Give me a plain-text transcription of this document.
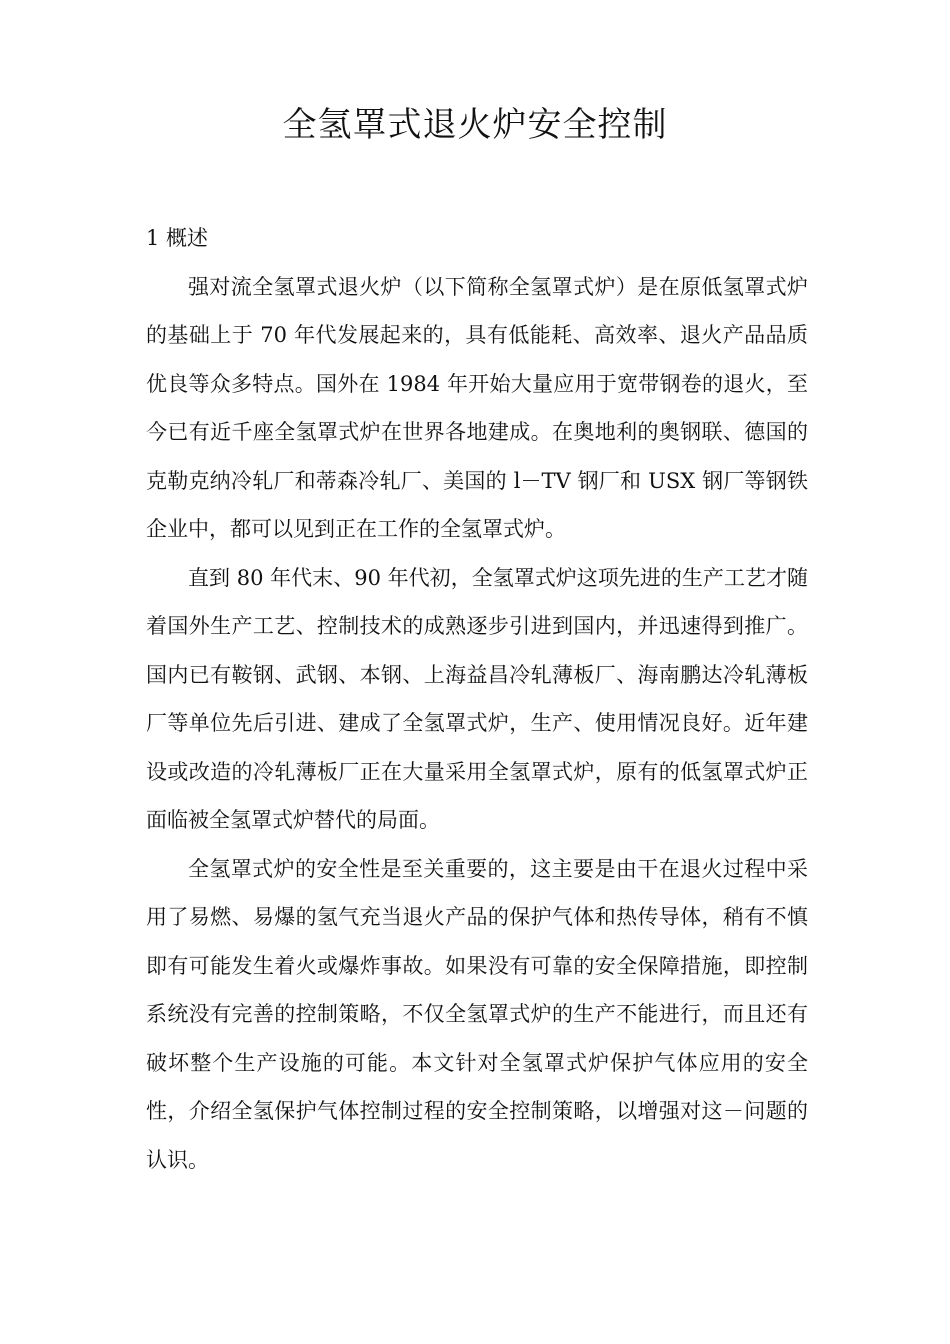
全氢罩式退火炉安全控制
1 概述

强对流全氢罩式退火炉（以下简称全氢罩式炉）是在原低氢罩式炉的基础上于 70 年代发展起来的，具有低能耗、高效率、退火产品品质优良等众多特点。国外在 1984 年开始大量应用于宽带钢卷的退火，至今已有近千座全氢罩式炉在世界各地建成。在奥地利的奥钢联、德国的克勒克纳冷轧厂和蒂森冷轧厂、美国的 l－TV 钢厂和 USX 钢厂等钢铁企业中，都可以见到正在工作的全氢罩式炉。

直到 80 年代末、90 年代初，全氢罩式炉这项先进的生产工艺才随着国外生产工艺、控制技术的成熟逐步引进到国内，并迅速得到推广。国内已有鞍钢、武钢、本钢、上海益昌冷轧薄板厂、海南鹏达冷轧薄板厂等单位先后引进、建成了全氢罩式炉，生产、使用情况良好。近年建设或改造的冷轧薄板厂正在大量采用全氢罩式炉，原有的低氢罩式炉正面临被全氢罩式炉替代的局面。

全氢罩式炉的安全性是至关重要的，这主要是由干在退火过程中采用了易燃、易爆的氢气充当退火产品的保护气体和热传导体，稍有不慎即有可能发生着火或爆炸事故。如果没有可靠的安全保障措施，即控制系统没有完善的控制策略，不仅全氢罩式炉的生产不能进行，而且还有破坏整个生产设施的可能。本文针对全氢罩式炉保护气体应用的安全性，介绍全氢保护气体控制过程的安全控制策略，以增强对这－问题的认识。
